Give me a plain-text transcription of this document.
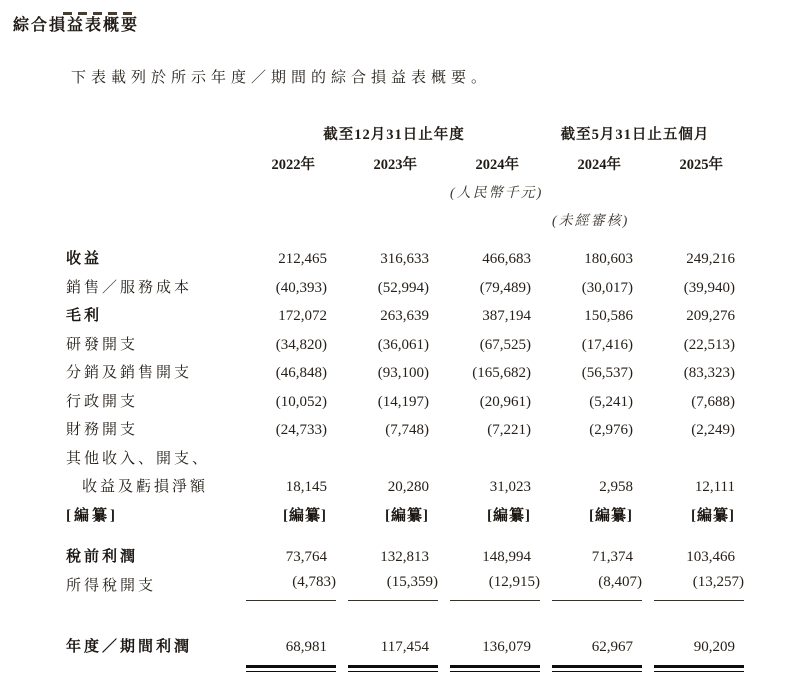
綜合損益表概要

下表載列於所示年度／期間的綜合損益表概要。

截至12月31日止年度	截至5月31日止五個月
2022年	2023年	2024年	2024年	2025年
(人民幣千元)
(未經審核)
收益	212,465	316,633	466,683	180,603	249,216
銷售／服務成本	(40,393)	(52,994)	(79,489)	(30,017)	(39,940)
毛利	172,072	263,639	387,194	150,586	209,276
研發開支	(34,820)	(36,061)	(67,525)	(17,416)	(22,513)
分銷及銷售開支	(46,848)	(93,100)	(165,682)	(56,537)	(83,323)
行政開支	(10,052)	(14,197)	(20,961)	(5,241)	(7,688)
財務開支	(24,733)	(7,748)	(7,221)	(2,976)	(2,249)
其他收入、開支、
收益及虧損淨額	18,145	20,280	31,023	2,958	12,111
[編纂]	[編纂]	[編纂]	[編纂]	[編纂]	[編纂]
稅前利潤	73,764	132,813	148,994	71,374	103,466
所得稅開支	(4,783)	(15,359)	(12,915)	(8,407)	(13,257)
年度／期間利潤	68,981	117,454	136,079	62,967	90,209
